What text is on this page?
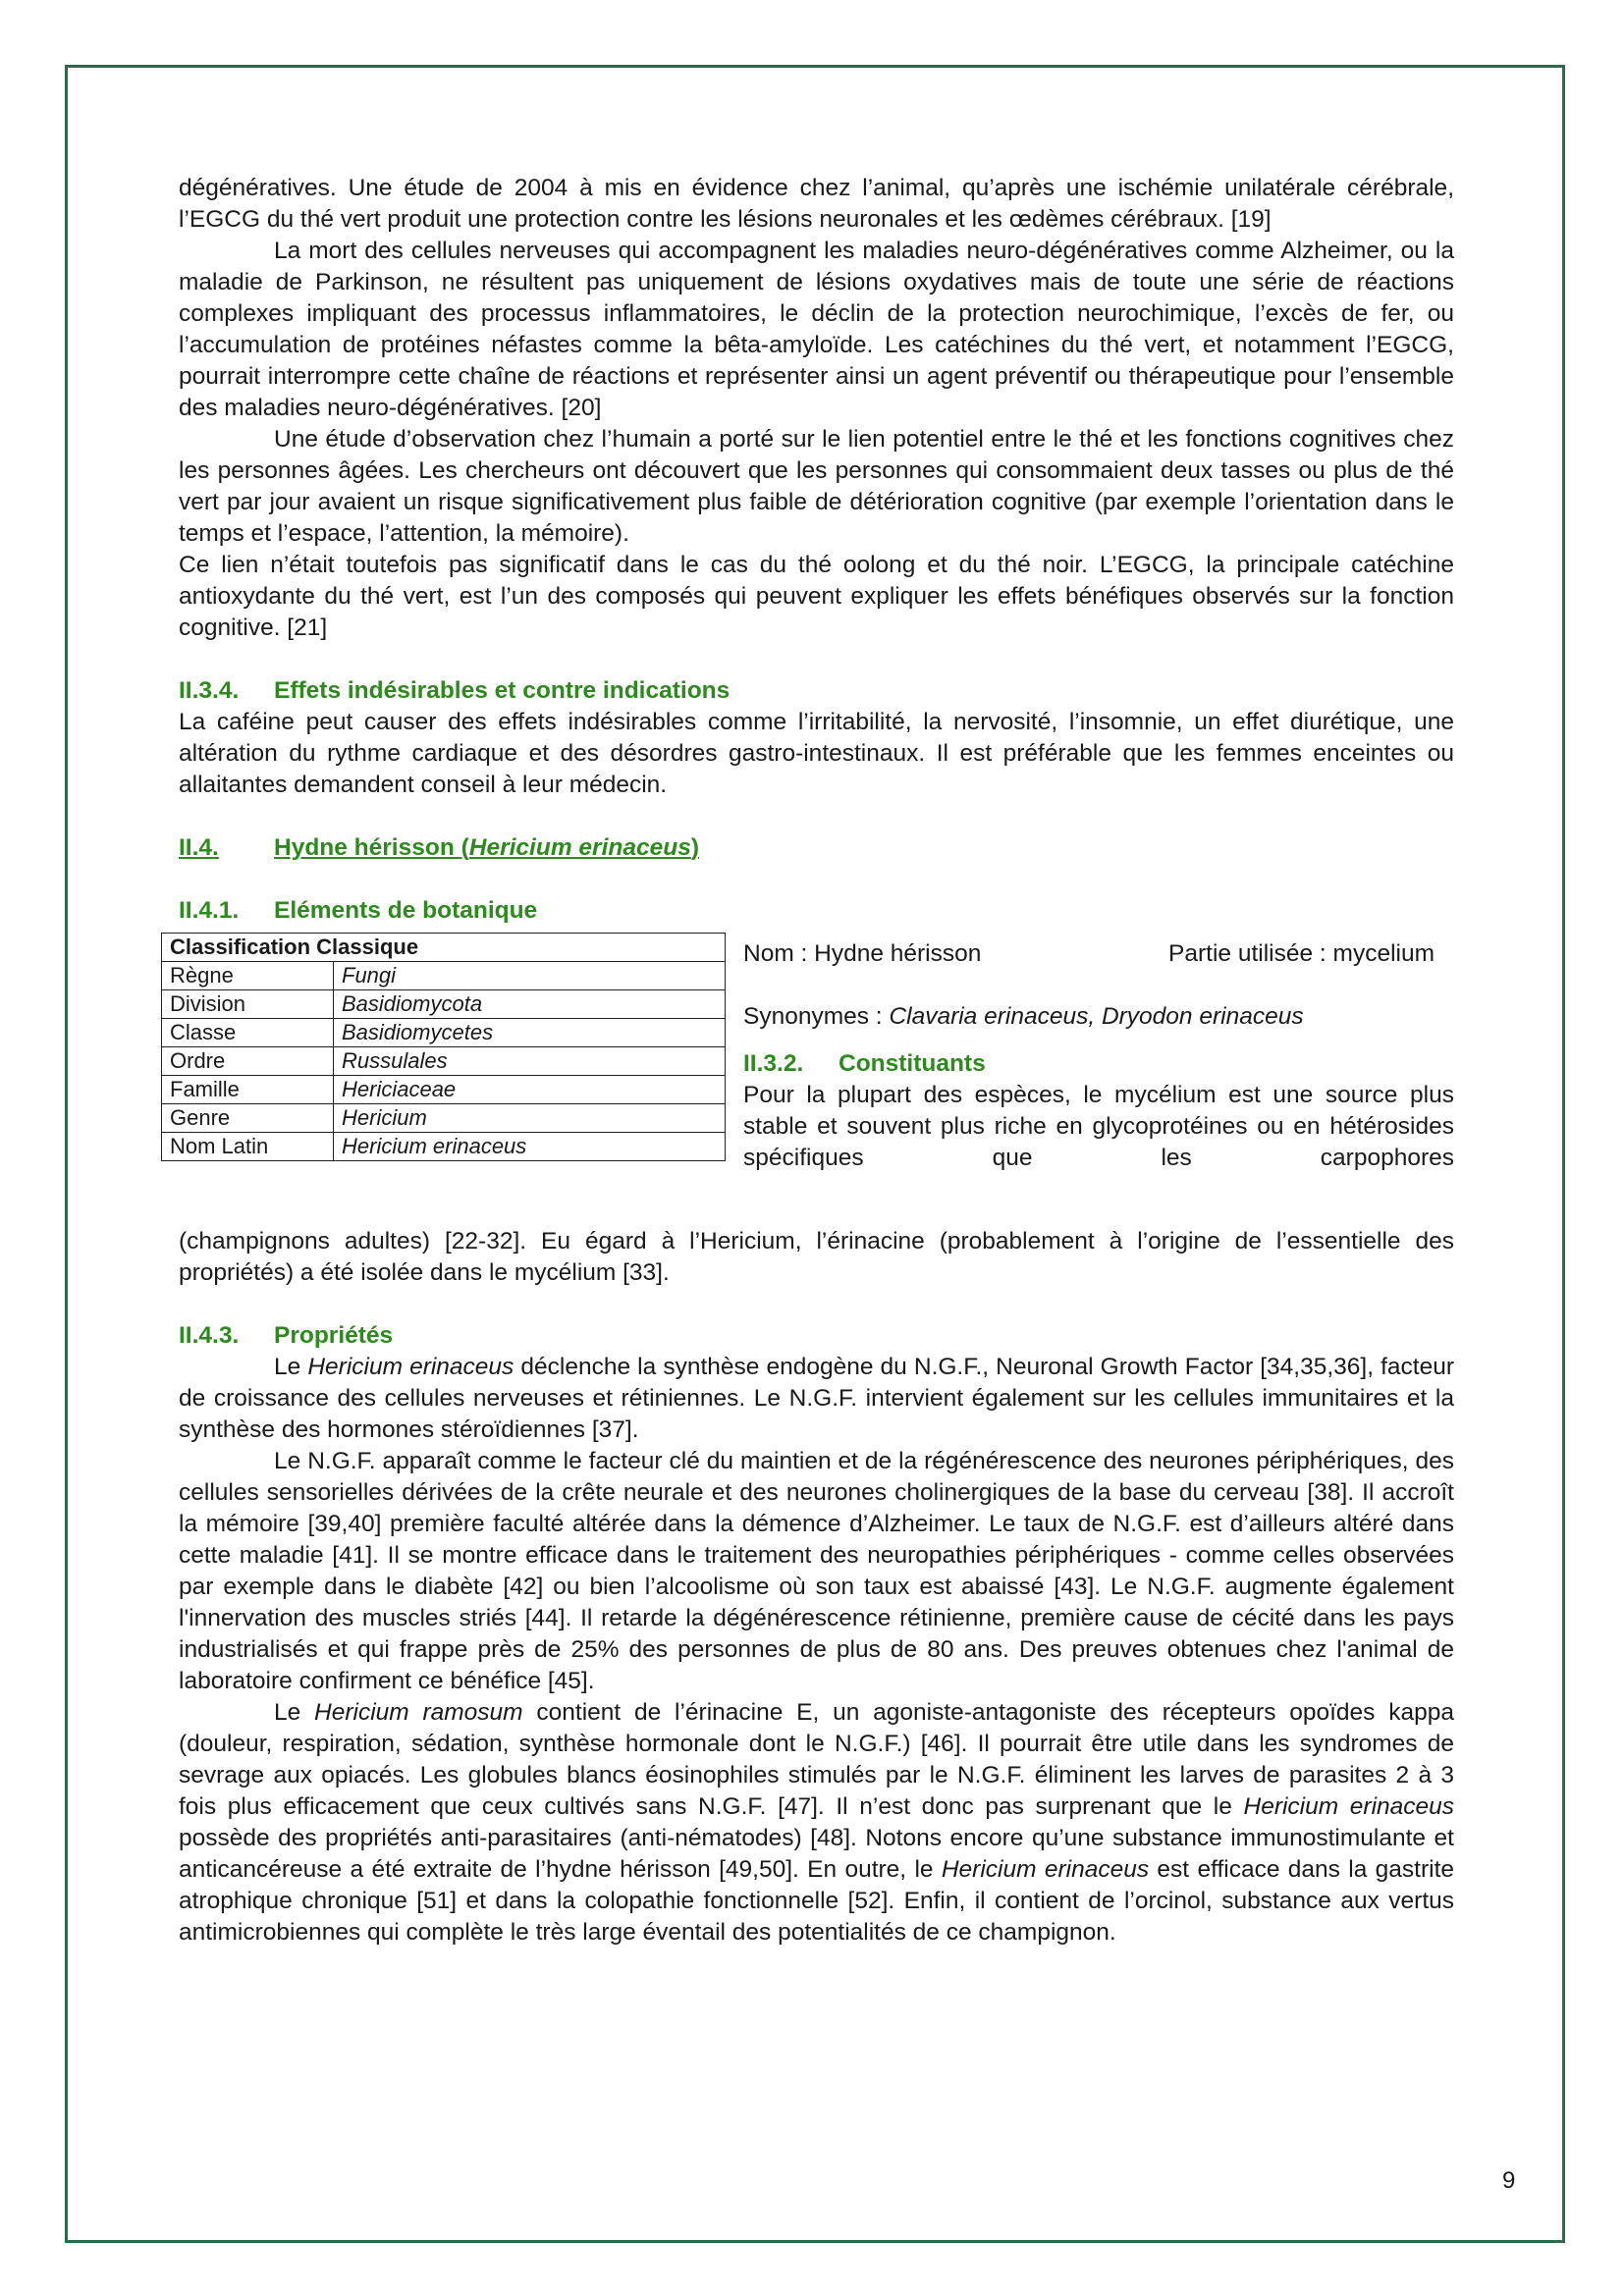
dégénératives. Une étude de 2004 à mis en évidence chez l’animal, qu’après une ischémie unilatérale cérébrale, l’EGCG du thé vert produit une protection contre les lésions neuronales et les œdèmes cérébraux. [19]

La mort des cellules nerveuses qui accompagnent les maladies neuro-dégénératives comme Alzheimer, ou la maladie de Parkinson, ne résultent pas uniquement de lésions oxydatives mais de toute une série de réactions complexes impliquant des processus inflammatoires, le déclin de la protection neurochimique, l’excès de fer, ou l’accumulation de protéines néfastes comme la bêta-amyloïde. Les catéchines du thé vert, et notamment l’EGCG, pourrait interrompre cette chaîne de réactions et représenter ainsi un agent préventif ou thérapeutique pour l’ensemble des maladies neuro-dégénératives. [20]

Une étude d’observation chez l’humain a porté sur le lien potentiel entre le thé et les fonctions cognitives chez les personnes âgées. Les chercheurs ont découvert que les personnes qui consommaient deux tasses ou plus de thé vert par jour avaient un risque significativement plus faible de détérioration cognitive (par exemple l’orientation dans le temps et l’espace, l’attention, la mémoire).

Ce lien n’était toutefois pas significatif dans le cas du thé oolong et du thé noir. L’EGCG, la principale catéchine antioxydante du thé vert, est l’un des composés qui peuvent expliquer les effets bénéfiques observés sur la fonction cognitive. [21]

II.3.4.	Effets indésirables et contre indications

La caféine peut causer des effets indésirables comme l’irritabilité, la nervosité, l’insomnie, un effet diurétique, une altération du rythme cardiaque et des désordres gastro-intestinaux. Il est préférable que les femmes enceintes ou allaitantes demandent conseil à leur médecin.

II.4.	Hydne hérisson (Hericium erinaceus)
II.4.1.	Eléments de botanique
Classification Classique	
Règne	Fungi
Division	Basidiomycota
Classe	Basidiomycetes
Ordre	Russulales
Famille	Hericiaceae
Genre	Hericium
Nom Latin	Hericium erinaceus
Nom : Hydne hérisson	Partie utilisée : mycelium
Synonymes : Clavaria erinaceus, Dryodon erinaceus
II.3.2.	Constituants

Pour la plupart des espèces, le mycélium est une source plus stable et souvent plus riche en glycoprotéines ou en hétérosides spécifiques que les carpophores

(champignons adultes) [22-32]. Eu égard à l’Hericium, l’érinacine (probablement à l’origine de l’essentielle des propriétés) a été isolée dans le mycélium [33].

II.4.3.	Propriétés

Le Hericium erinaceus déclenche la synthèse endogène du N.G.F., Neuronal Growth Factor [34,35,36], facteur de croissance des cellules nerveuses et rétiniennes. Le N.G.F. intervient également sur les cellules immunitaires et la synthèse des hormones stéroïdiennes [37].

Le N.G.F. apparaît comme le facteur clé du maintien et de la régénérescence des neurones périphériques, des cellules sensorielles dérivées de la crête neurale et des neurones cholinergiques de la base du cerveau [38]. Il accroît la mémoire [39,40] première faculté altérée dans la démence d’Alzheimer. Le taux de N.G.F. est d’ailleurs altéré dans cette maladie [41]. Il se montre efficace dans le traitement des neuropathies périphériques - comme celles observées par exemple dans le diabète [42] ou bien l’alcoolisme où son taux est abaissé [43]. Le N.G.F. augmente également l'innervation des muscles striés [44]. Il retarde la dégénérescence rétinienne, première cause de cécité dans les pays industrialisés et qui frappe près de 25% des personnes de plus de 80 ans. Des preuves obtenues chez l'animal de laboratoire confirment ce bénéfice [45].

Le Hericium ramosum contient de l’érinacine E, un agoniste-antagoniste des récepteurs opoïdes kappa (douleur, respiration, sédation, synthèse hormonale dont le N.G.F.) [46]. Il pourrait être utile dans les syndromes de sevrage aux opiacés. Les globules blancs éosinophiles stimulés par le N.G.F. éliminent les larves de parasites 2 à 3 fois plus efficacement que ceux cultivés sans N.G.F. [47]. Il n’est donc pas surprenant que le Hericium erinaceus possède des propriétés anti-parasitaires (anti-nématodes) [48]. Notons encore qu’une substance immunostimulante et anticancéreuse a été extraite de l’hydne hérisson [49,50]. En outre, le Hericium erinaceus est efficace dans la gastrite atrophique chronique [51] et dans la colopathie fonctionnelle [52]. Enfin, il contient de l’orcinol, substance aux vertus antimicrobiennes qui complète le très large éventail des potentialités de ce champignon.

9
